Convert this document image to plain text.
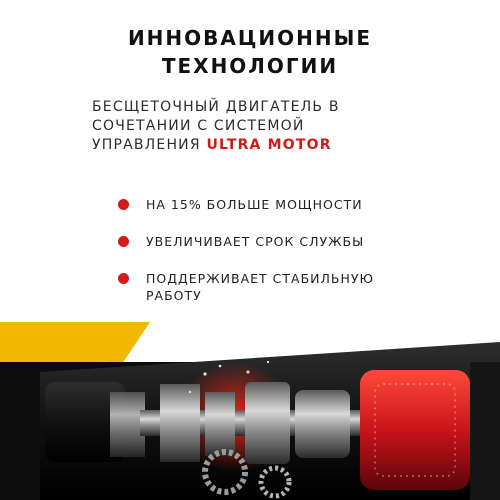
ИННОВАЦИОННЫЕ
ТЕХНОЛОГИИ
БЕСЩЕТОЧНЫЙ ДВИГАТЕЛЬ В
СОЧЕТАНИИ С СИСТЕМОЙ
УПРАВЛЕНИЯ ULTRA MOTOR
НА 15% БОЛЬШЕ МОЩНОСТИ
УВЕЛИЧИВАЕТ СРОК СЛУЖБЫ
ПОДДЕРЖИВАЕТ СТАБИЛЬНУЮ
РАБОТУ
